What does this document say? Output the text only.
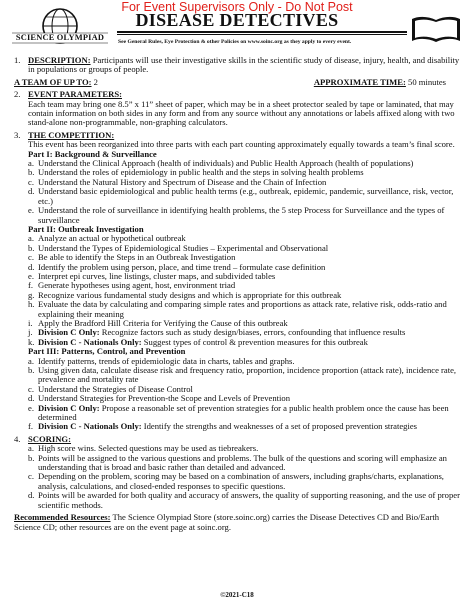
For Event Supervisors Only - Do Not Post
SCIENCE OLYMPIAD
DISEASE DETECTIVES
See General Rules, Eye Protection & other Policies on www.soinc.org as they apply to every event.
1. DESCRIPTION: Participants will use their investigative skills in the scientific study of disease, injury, health, and disability in populations or groups of people.
A TEAM OF UP TO: 2	APPROXIMATE TIME: 50 minutes
2. EVENT PARAMETERS:
Each team may bring one 8.5” x 11” sheet of paper, which may be in a sheet protector sealed by tape or laminated, that may contain information on both sides in any form and from any source without any annotations or labels affixed along with two stand-alone non-programmable, non-graphing calculators.
3. THE COMPETITION:
This event has been reorganized into three parts with each part counting approximately equally towards a team’s final score.
Part I: Background & Surveillance
a. Understand the Clinical Approach (health of individuals) and Public Health Approach (health of populations)
b. Understand the roles of epidemiology in public health and the steps in solving health problems
c. Understand the Natural History and Spectrum of Disease and the Chain of Infection
d. Understand basic epidemiological and public health terms (e.g., outbreak, epidemic, pandemic, surveillance, risk, vector, etc.)
e. Understand the role of surveillance in identifying health problems, the 5 step Process for Surveillance and the types of surveillance
Part II: Outbreak Investigation
a. Analyze an actual or hypothetical outbreak
b. Understand the Types of Epidemiological Studies – Experimental and Observational
c. Be able to identify the Steps in an Outbreak Investigation
d. Identify the problem using person, place, and time trend – formulate case definition
e. Interpret epi curves, line listings, cluster maps, and subdivided tables
f. Generate hypotheses using agent, host, environment triad
g. Recognize various fundamental study designs and which is appropriate for this outbreak
h. Evaluate the data by calculating and comparing simple rates and proportions as attack rate, relative risk, odds-ratio and explaining their meaning
i. Apply the Bradford Hill Criteria for Verifying the Cause of this outbreak
j. Division C Only: Recognize factors such as study design/biases, errors, confounding that influence results
k. Division C - Nationals Only: Suggest types of control & prevention measures for this outbreak
Part III: Patterns, Control, and Prevention
a. Identify patterns, trends of epidemiologic data in charts, tables and graphs.
b. Using given data, calculate disease risk and frequency ratio, proportion, incidence proportion (attack rate), incidence rate, prevalence and mortality rate
c. Understand the Strategies of Disease Control
d. Understand Strategies for Prevention-the Scope and Levels of Prevention
e. Division C Only: Propose a reasonable set of prevention strategies for a public health problem once the cause has been determined
f. Division C - Nationals Only: Identify the strengths and weaknesses of a set of proposed prevention strategies
4. SCORING:
a. High score wins. Selected questions may be used as tiebreakers.
b. Points will be assigned to the various questions and problems. The bulk of the questions and scoring will emphasize an understanding that is broad and basic rather than detailed and advanced.
c. Depending on the problem, scoring may be based on a combination of answers, including graphs/charts, explanations, analysis, calculations, and closed-ended responses to specific questions.
d. Points will be awarded for both quality and accuracy of answers, the quality of supporting reasoning, and the use of proper scientific methods.
Recommended Resources: The Science Olympiad Store (store.soinc.org) carries the Disease Detectives CD and Bio/Earth Science CD; other resources are on the event page at soinc.org.
©2021-C18
